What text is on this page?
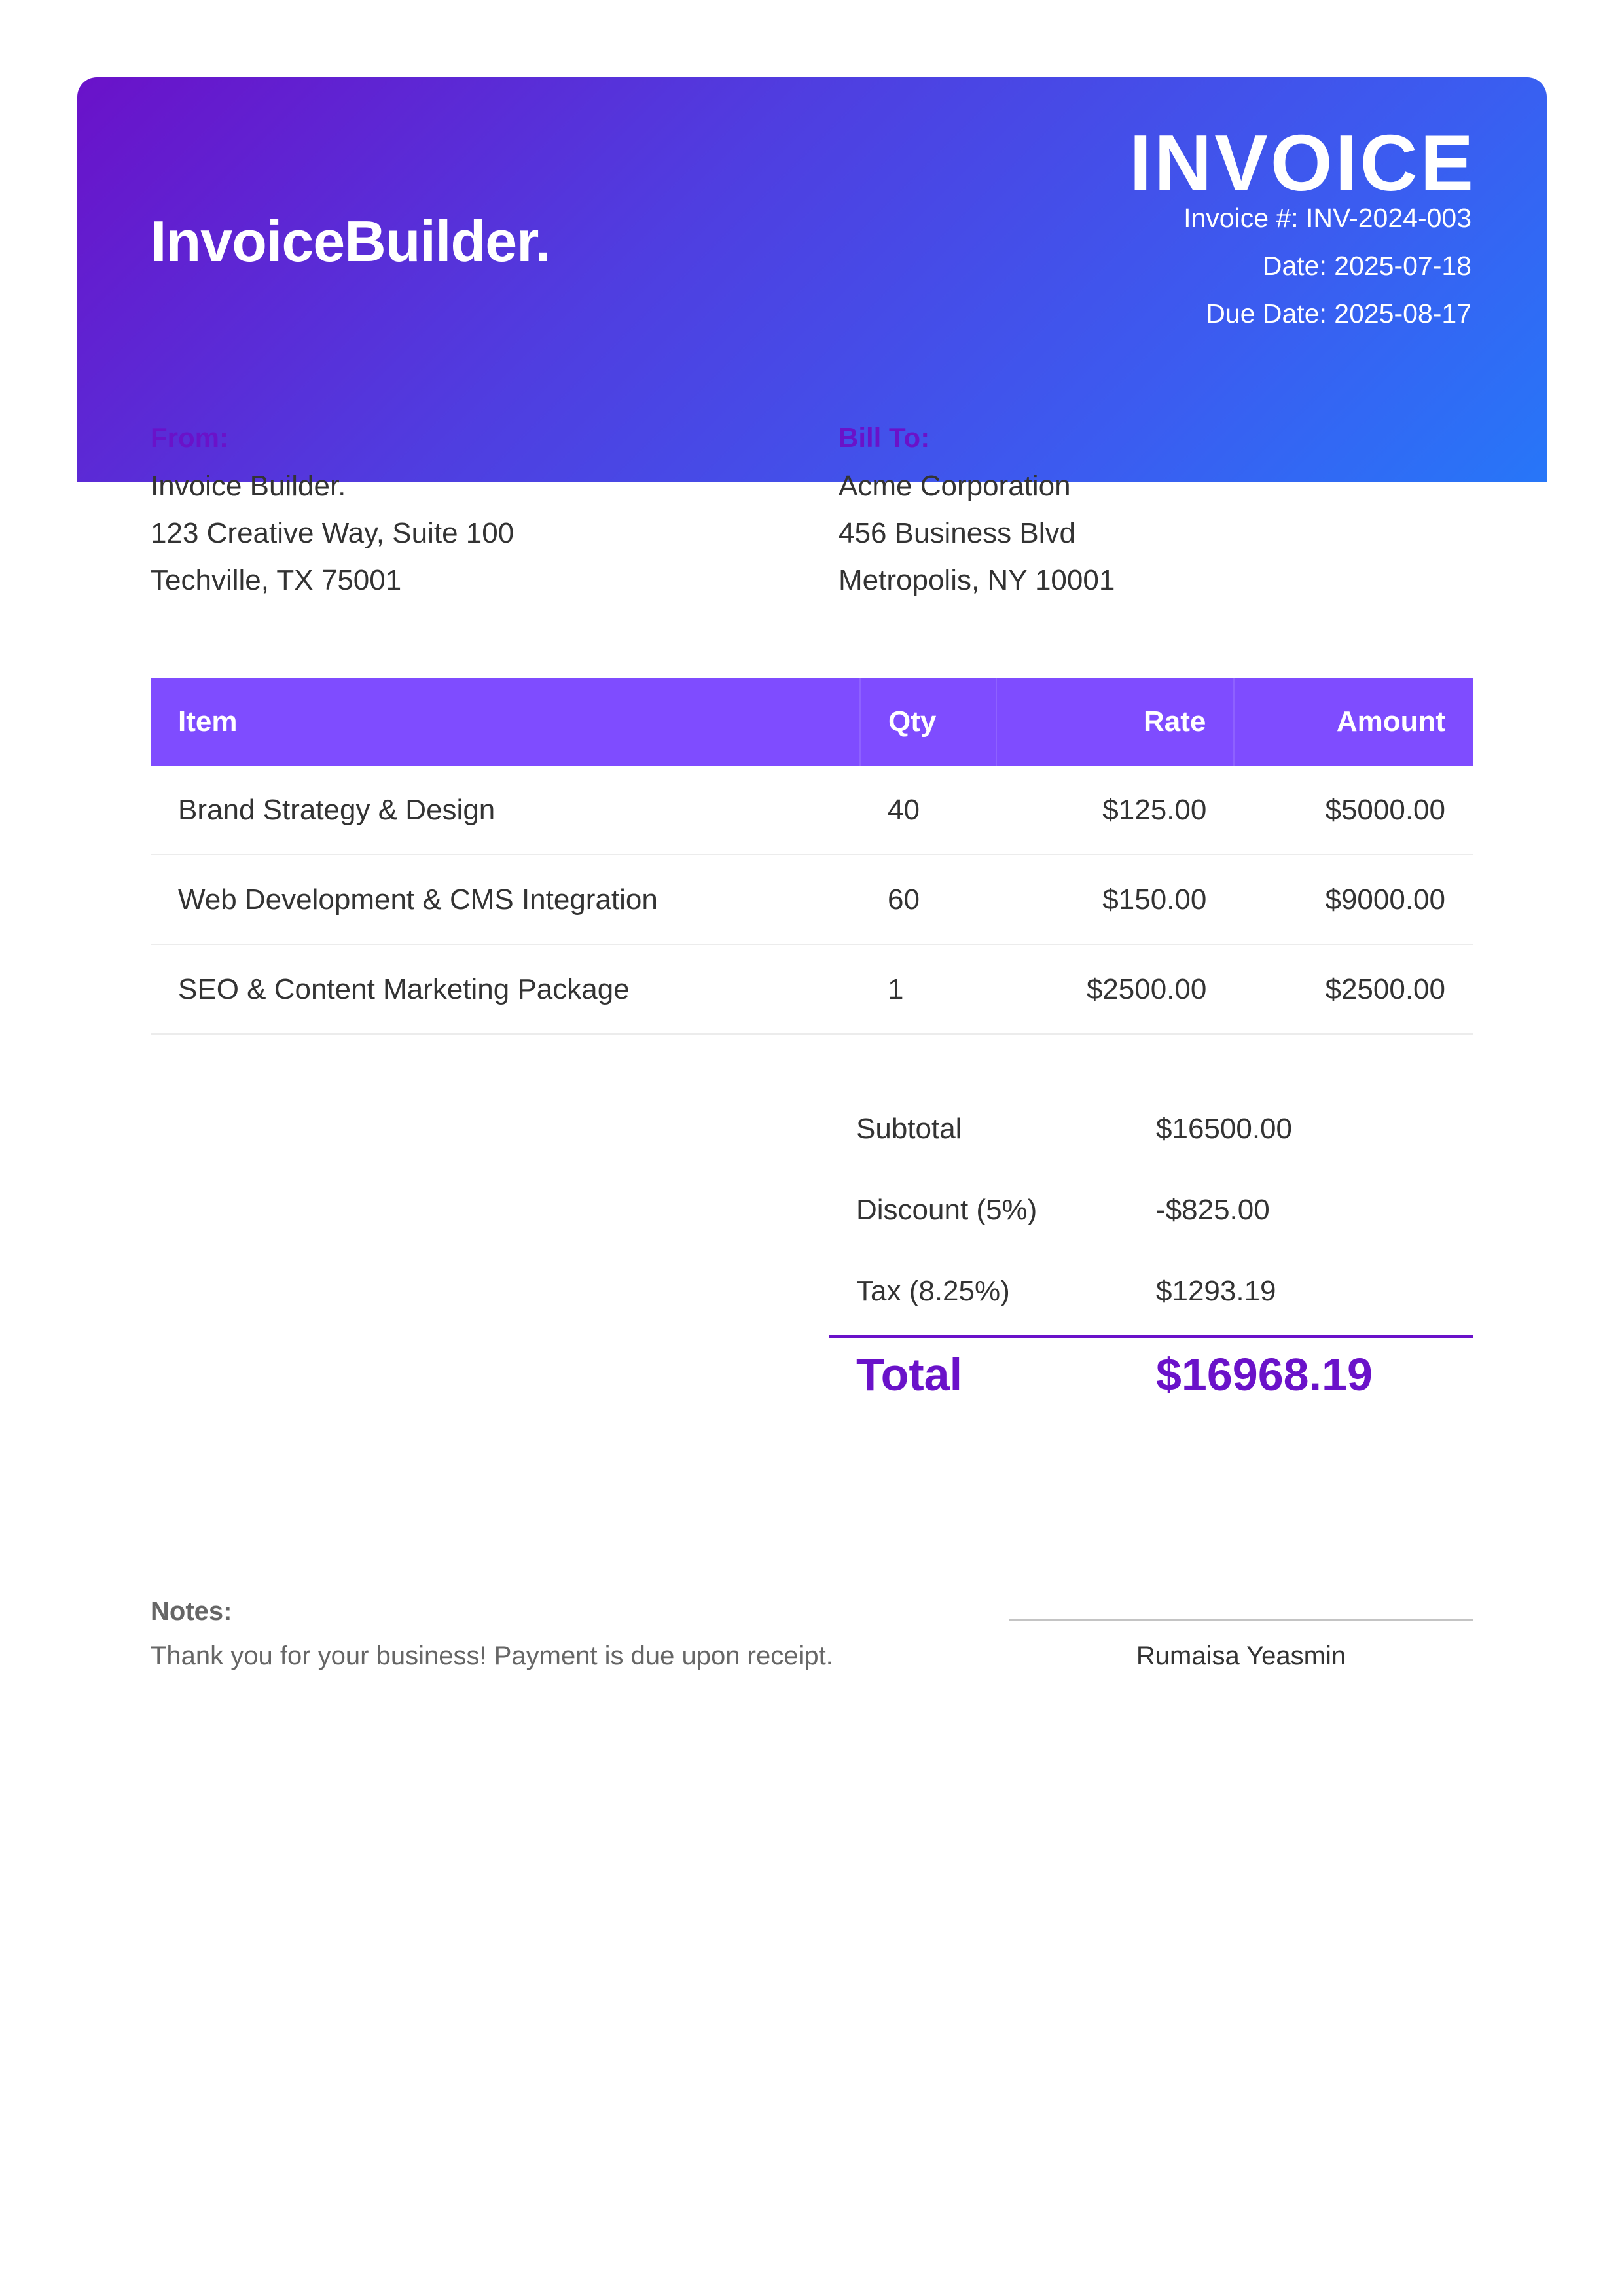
InvoiceBuilder.
INVOICE
Invoice #: INV-2024-003
Date: 2025-07-18
Due Date: 2025-08-17
From:
Invoice Builder.
123 Creative Way, Suite 100
Techville, TX 75001
Bill To:
Acme Corporation
456 Business Blvd
Metropolis, NY 10001
Item	Qty	Rate	Amount
Brand Strategy & Design	40	$125.00	$5000.00
Web Development & CMS Integration	60	$150.00	$9000.00
SEO & Content Marketing Package	1	$2500.00	$2500.00
Subtotal	$16500.00
Discount (5%)	-$825.00
Tax (8.25%)	$1293.19
Total	$16968.19
Notes:
Thank you for your business! Payment is due upon receipt.	Rumaisa Yeasmin
